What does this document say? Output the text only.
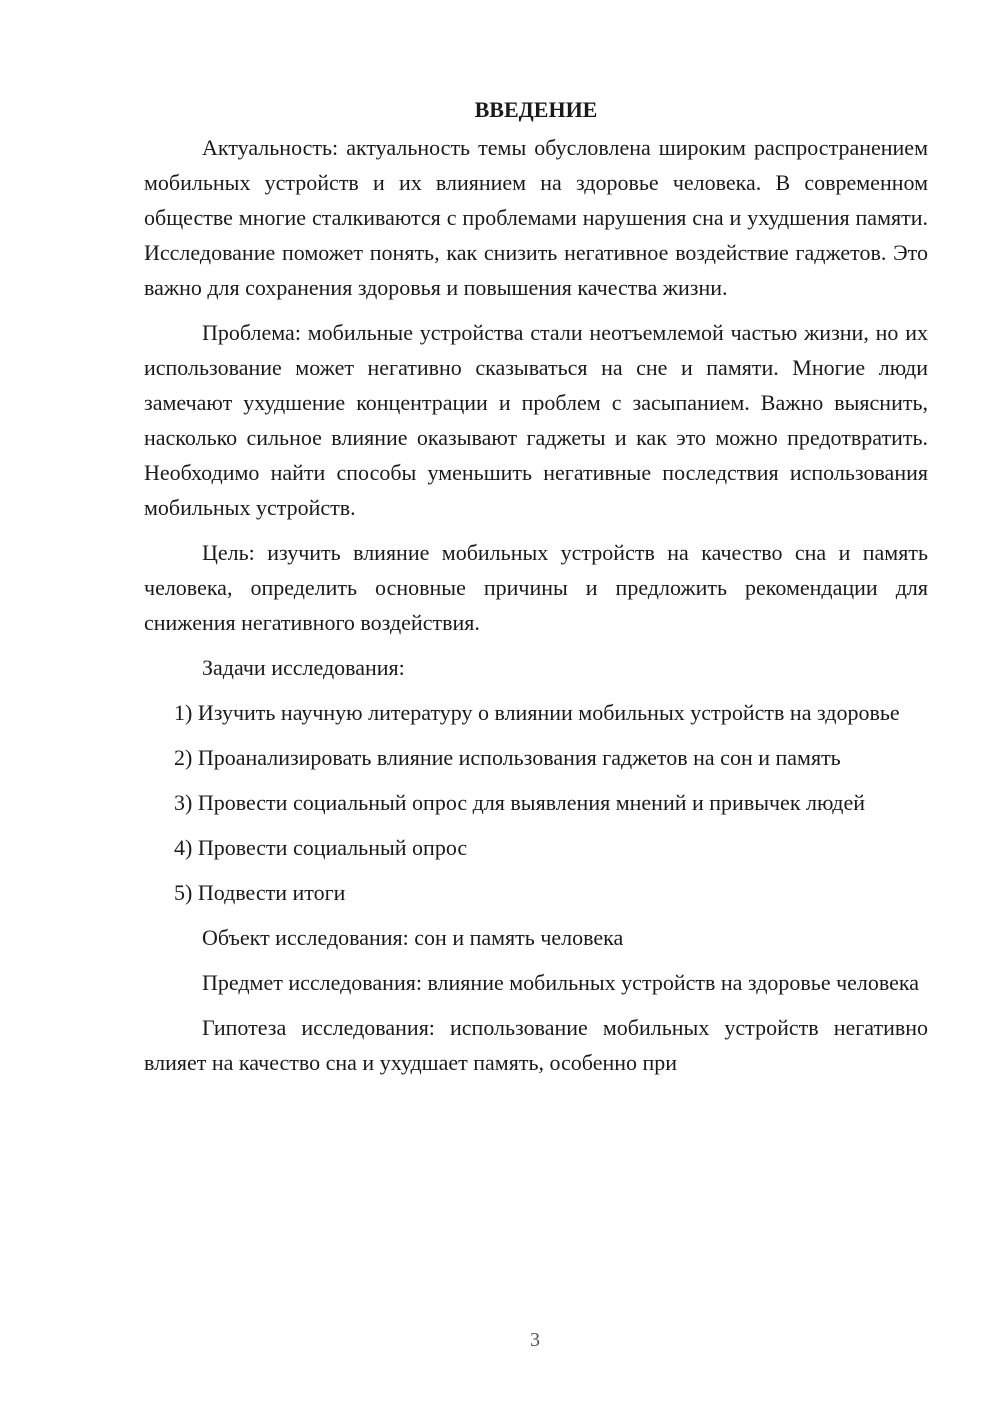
ВВЕДЕНИЕ

Актуальность: актуальность темы обусловлена широким распространением мобильных устройств и их влиянием на здоровье человека. В современном обществе многие сталкиваются с проблемами нарушения сна и ухудшения памяти. Исследование поможет понять, как снизить негативное воздействие гаджетов. Это важно для сохранения здоровья и повышения качества жизни.

Проблема: мобильные устройства стали неотъемлемой частью жизни, но их использование может негативно сказываться на сне и памяти. Многие люди замечают ухудшение концентрации и проблем с засыпанием. Важно выяснить, насколько сильное влияние оказывают гаджеты и как это можно предотвратить. Необходимо найти способы уменьшить негативные последствия использования мобильных устройств.

Цель: изучить влияние мобильных устройств на качество сна и память человека, определить основные причины и предложить рекомендации для снижения негативного воздействия.

Задачи исследования:

1) Изучить научную литературу о влиянии мобильных устройств на здоровье

2) Проанализировать влияние использования гаджетов на сон и память

3) Провести социальный опрос для выявления мнений и привычек людей

4) Провести социальный опрос

5) Подвести итоги

Объект исследования: сон и память человека

Предмет исследования: влияние мобильных устройств на здоровье человека

Гипотеза исследования: использование мобильных устройств негативно влияет на качество сна и ухудшает память, особенно при

3
